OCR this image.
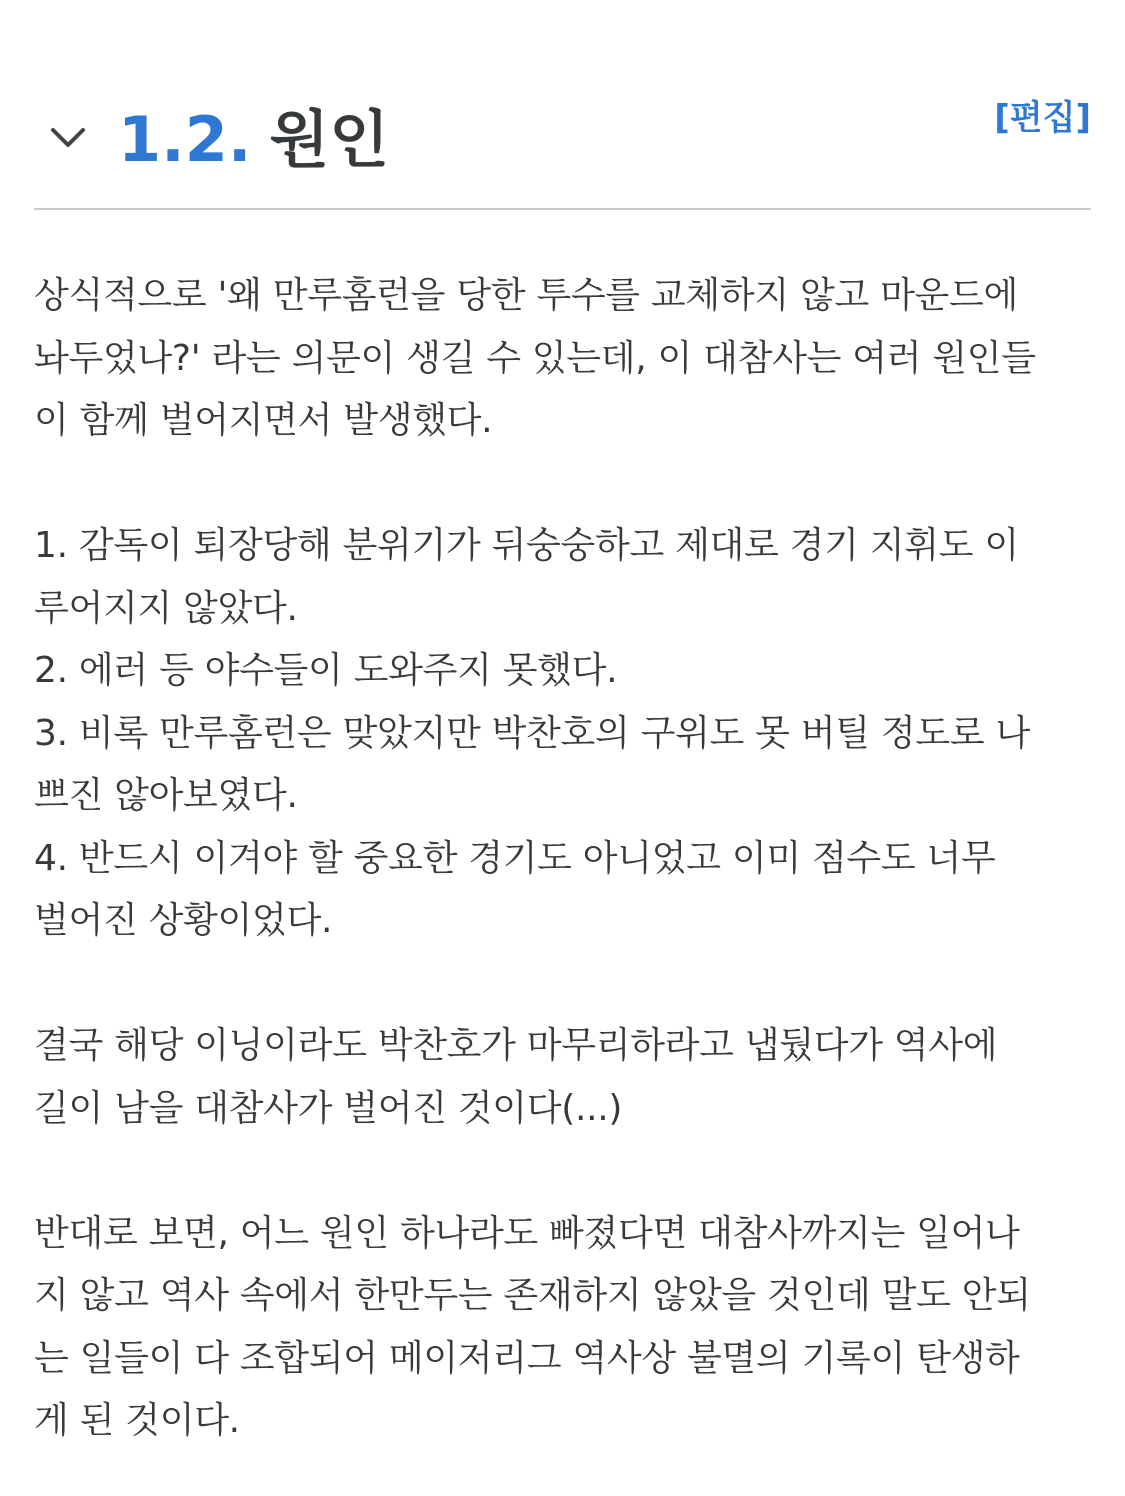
1.2. 원인	[편집]

상식적으로 '왜 만루홈런을 당한 투수를 교체하지 않고 마운드에
놔두었나?' 라는 의문이 생길 수 있는데, 이 대참사는 여러 원인들
이 함께 벌어지면서 발생했다.

1. 감독이 퇴장당해 분위기가 뒤숭숭하고 제대로 경기 지휘도 이
루어지지 않았다.
2. 에러 등 야수들이 도와주지 못했다.
3. 비록 만루홈런은 맞았지만 박찬호의 구위도 못 버틸 정도로 나
쁘진 않아보였다.
4. 반드시 이겨야 할 중요한 경기도 아니었고 이미 점수도 너무
벌어진 상황이었다.

결국 해당 이닝이라도 박찬호가 마무리하라고 냅뒀다가 역사에
길이 남을 대참사가 벌어진 것이다(...)

반대로 보면, 어느 원인 하나라도 빠졌다면 대참사까지는 일어나
지 않고 역사 속에서 한만두는 존재하지 않았을 것인데 말도 안되
는 일들이 다 조합되어 메이저리그 역사상 불멸의 기록이 탄생하
게 된 것이다.
